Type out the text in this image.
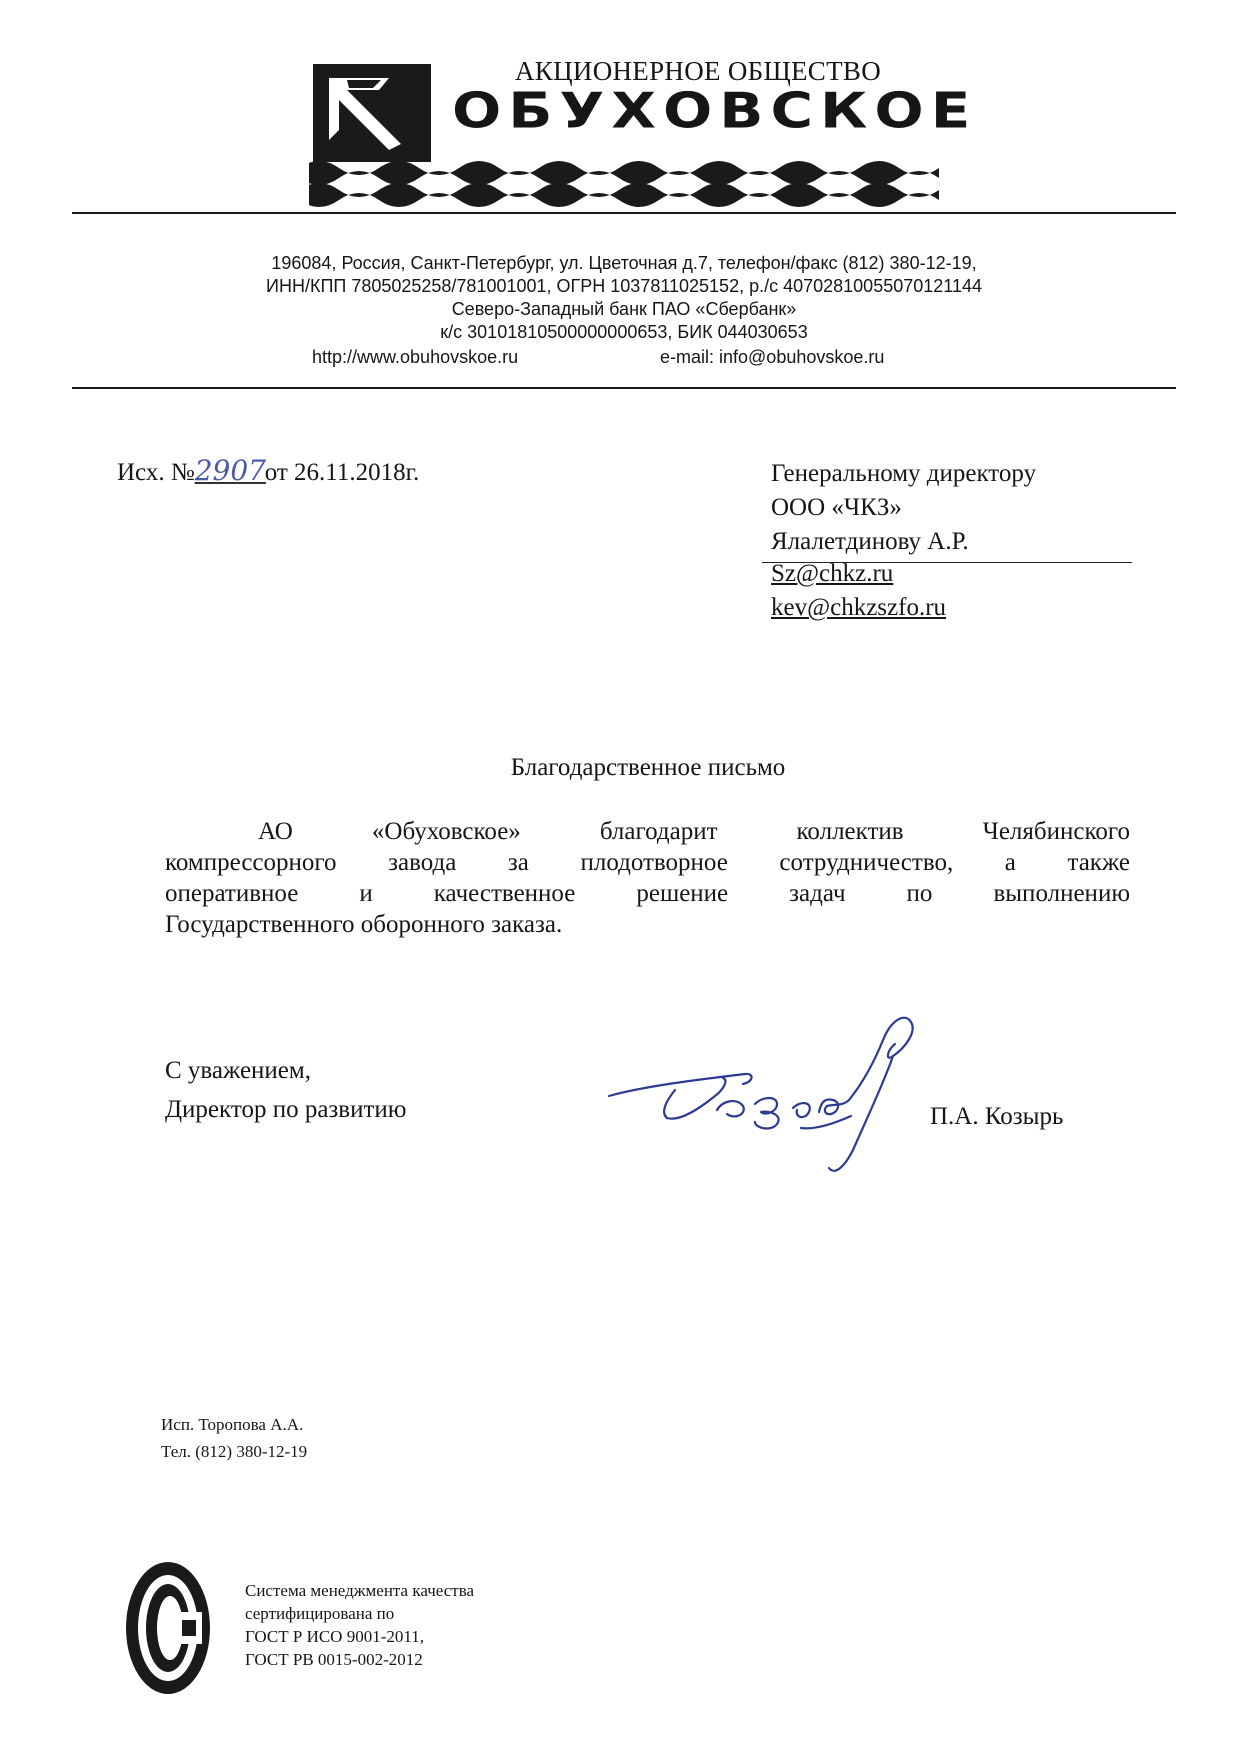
АКЦИОНЕРНОЕ ОБЩЕСТВО
ОБУХОВСКОЕ
196084, Россия, Санкт-Петербург, ул. Цветочная д.7, телефон/факс (812) 380-12-19,
ИНН/КПП 7805025258/781001001, ОГРН 1037811025152, р./с 40702810055070121144
Северо-Западный банк ПАО «Сбербанк»
к/с 30101810500000000653, БИК 044030653
http://www.obuhovskoe.ru	e-mail: info@obuhovskoe.ru
Исх. №2907от 26.11.2018г.	Генеральному директору
ООО «ЧКЗ»
Ялалетдинову А.Р.
Sz@chkz.ru
kev@chkzszfo.ru
Благодарственное письмо
АО «Обуховское» благодарит коллектив Челябинского
компрессорного завода за плодотворное сотрудничество, а также
оперативное и качественное решение задач по выполнению
Государственного оборонного заказа.
С уважением,
Директор по развитию	П.А. Козырь
Исп. Торопова А.А.
Тел. (812) 380-12-19
Система менеджмента качества
сертифицирована по
ГОСТ Р ИСО 9001-2011,
ГОСТ РВ 0015-002-2012
